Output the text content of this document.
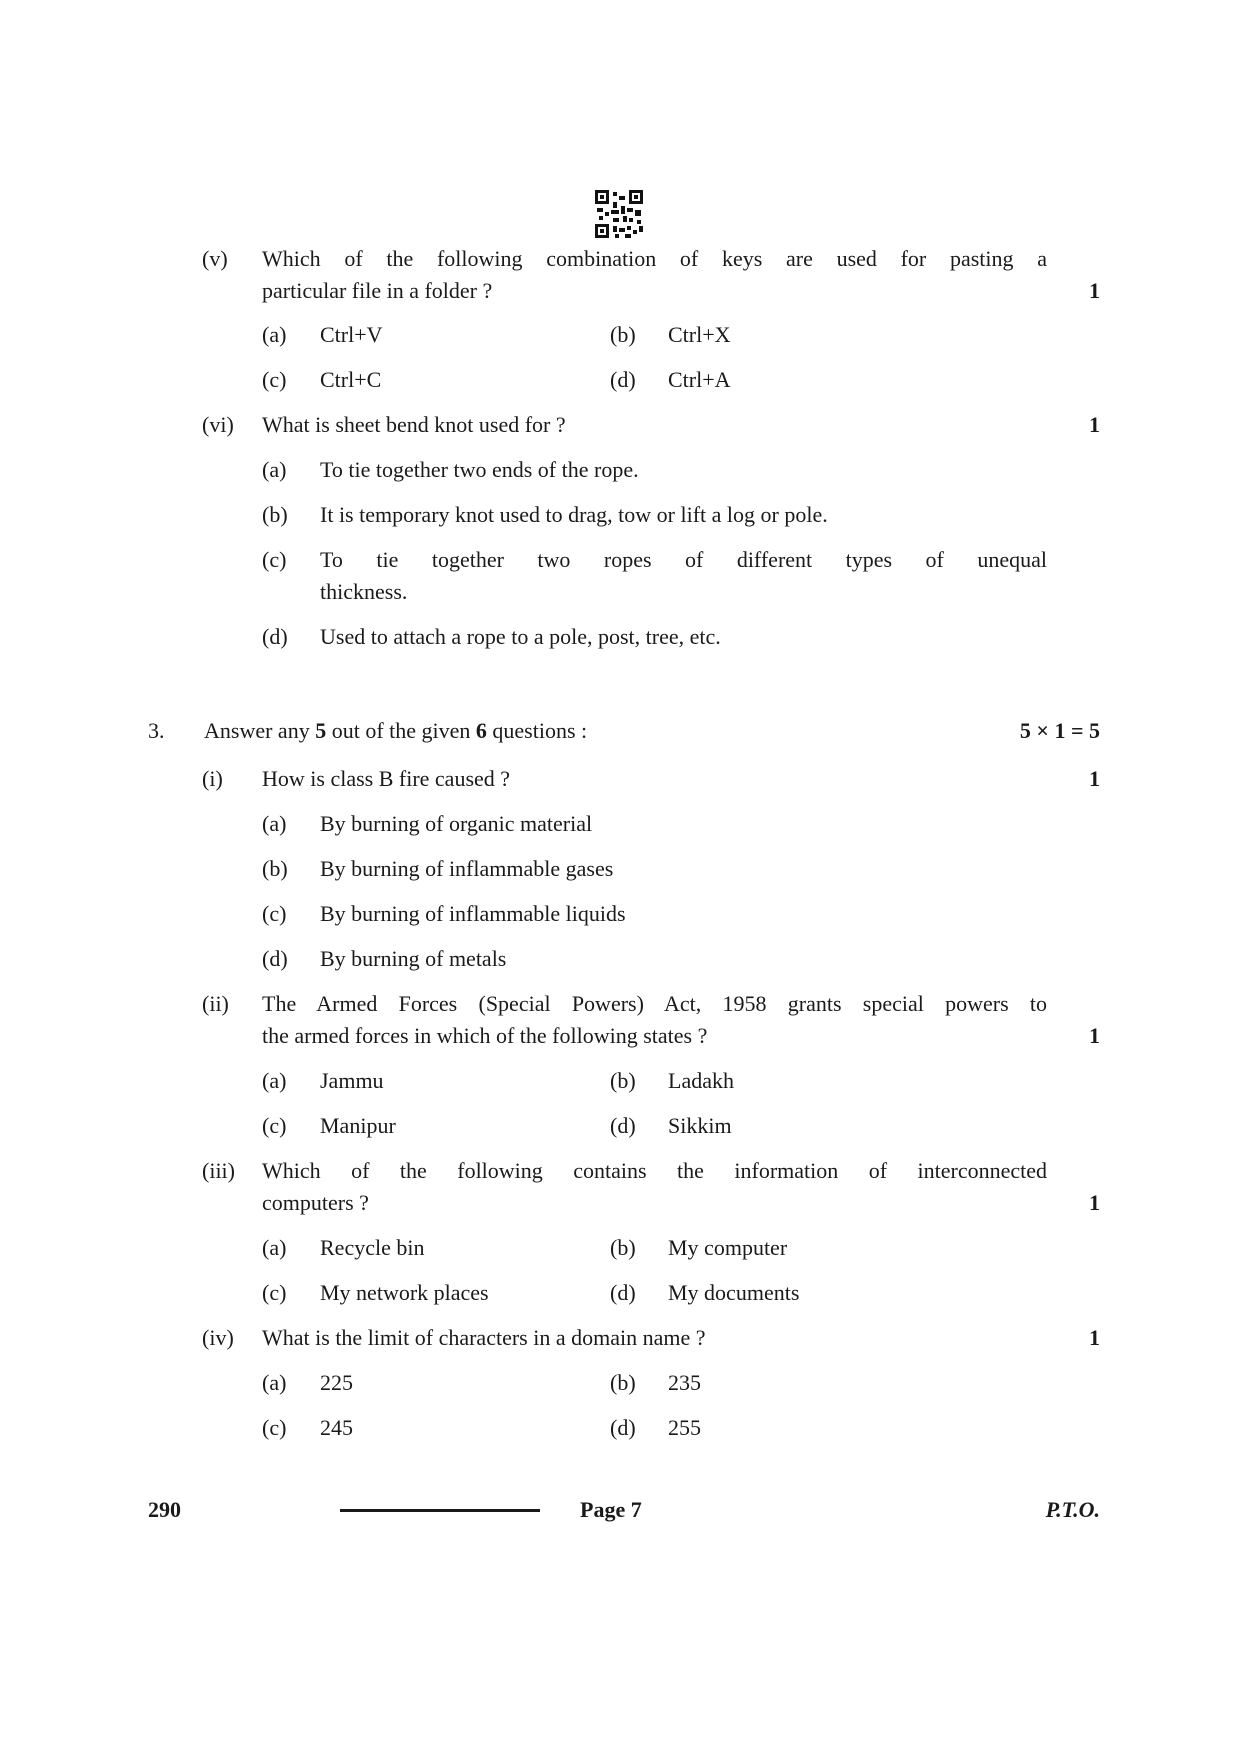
(v) Which of the following combination of keys are used for pasting a
particular file in a folder ?	1
(a) Ctrl+V	(b) Ctrl+X
(c) Ctrl+C	(d) Ctrl+A
(vi) What is sheet bend knot used for ?	1
(a) To tie together two ends of the rope.
(b) It is temporary knot used to drag, tow or lift a log or pole.
(c) To tie together two ropes of different types of unequal
thickness.
(d) Used to attach a rope to a pole, post, tree, etc.
3. Answer any 5 out of the given 6 questions :	5 × 1 = 5
(i) How is class B fire caused ?	1
(a) By burning of organic material
(b) By burning of inflammable gases
(c) By burning of inflammable liquids
(d) By burning of metals
(ii) The Armed Forces (Special Powers) Act, 1958 grants special powers to
the armed forces in which of the following states ?	1
(a) Jammu	(b) Ladakh
(c) Manipur	(d) Sikkim
(iii) Which of the following contains the information of interconnected
computers ?	1
(a) Recycle bin	(b) My computer
(c) My network places	(d) My documents
(iv) What is the limit of characters in a domain name ?	1
(a) 225	(b) 235
(c) 245	(d) 255
290	Page 7	P.T.O.
